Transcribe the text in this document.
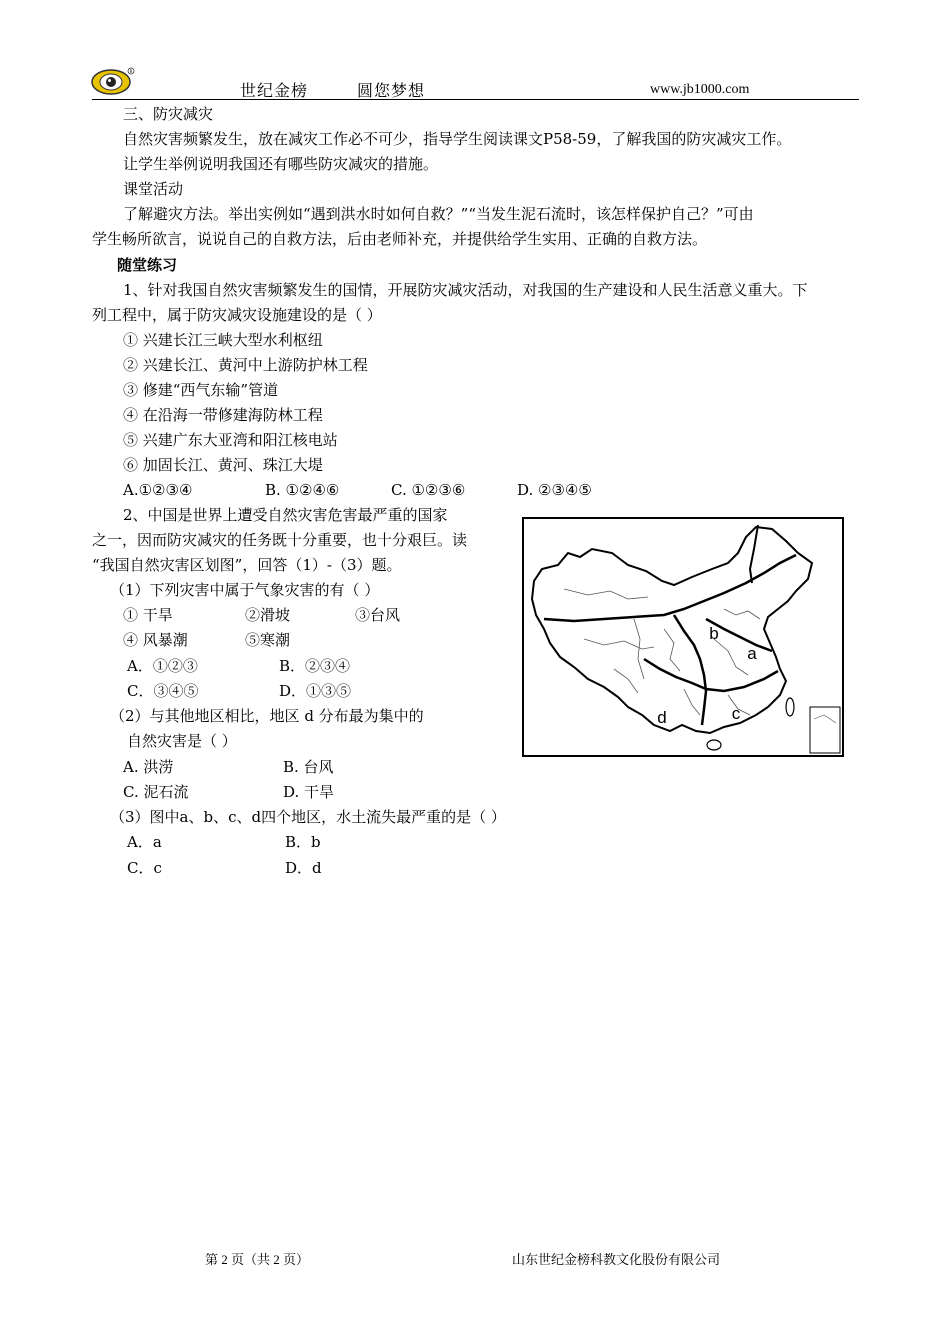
R
世纪金榜	圆您梦想	www.jb1000.com
三、防灾减灾
自然灾害频繁发生，放在减灾工作必不可少，指导学生阅读课文P58-59，了解我国的防灾减灾工作。
让学生举例说明我国还有哪些防灾减灾的措施。
课堂活动
了解避灾方法。举出实例如“遇到洪水时如何自救？”“当发生泥石流时，该怎样保护自己？”可由
学生畅所欲言，说说自己的自救方法，后由老师补充，并提供给学生实用、正确的自救方法。
随堂练习
1、针对我国自然灾害频繁发生的国情，开展防灾减灾活动，对我国的生产建设和人民生活意义重大。下
列工程中，属于防灾减灾设施建设的是（ ）
① 兴建长江三峡大型水利枢纽
② 兴建长江、黄河中上游防护林工程
③ 修建“西气东输”管道
④ 在沿海一带修建海防林工程
⑤ 兴建广东大亚湾和阳江核电站
⑥ 加固长江、黄河、珠江大堤
A.①②③④	B. ①②④⑥	C. ①②③⑥	D. ②③④⑤
2、中国是世界上遭受自然灾害危害最严重的国家
之一，因而防灾减灾的任务既十分重要，也十分艰巨。读
“我国自然灾害区划图”，回答（1）-（3）题。
（1）下列灾害中属于气象灾害的有（ ）
① 干旱	②滑坡	③台风
④ 风暴潮	⑤寒潮
A．①②③	B．②③④
C．③④⑤	D．①③⑤
（2）与其他地区相比，地区 d 分布最为集中的
自然灾害是（ ）
A. 洪涝	B. 台风
C. 泥石流	D. 干旱
（3）图中a、b、c、d四个地区，水土流失最严重的是（ ）
A．a	B．b
C．c	D．d
a
b
c
d
第 2 页（共 2 页）	山东世纪金榜科教文化股份有限公司
